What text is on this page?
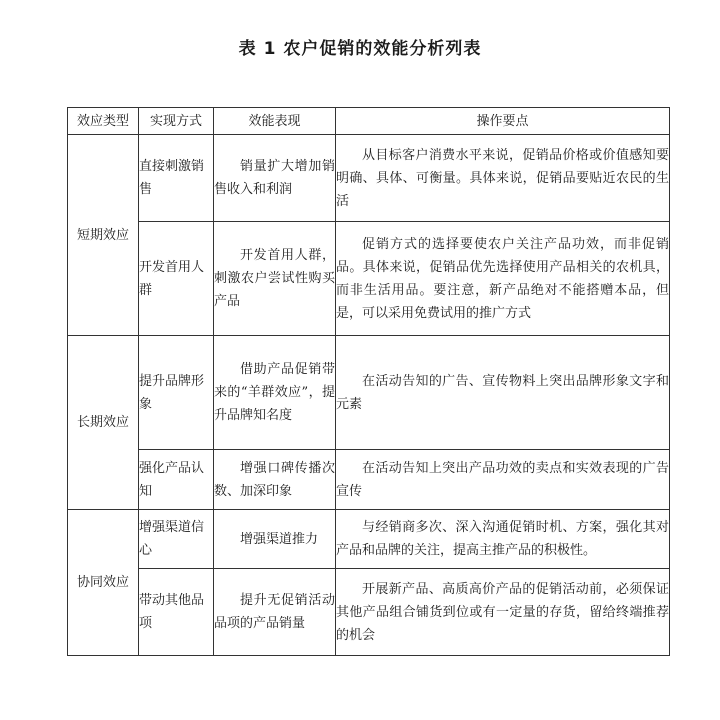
表 1 农户促销的效能分析列表
效应类型	实现方式	效能表现	操作要点
短期效应	直接刺激销售	销量扩大增加销售收入和利润	从目标客户消费水平来说，促销品价格或价值感知要明确、具体、可衡量。具体来说，促销品要贴近农民的生活
	开发首用人群	开发首用人群，刺激农户尝试性购买产品	促销方式的选择要使农户关注产品功效，而非促销品。具体来说，促销品优先选择使用产品相关的农机具，而非生活用品。要注意，新产品绝对不能搭赠本品，但是，可以采用免费试用的推广方式
长期效应	提升品牌形象	借助产品促销带来的“羊群效应”，提升品牌知名度	在活动告知的广告、宣传物料上突出品牌形象文字和元素
	强化产品认知	增强口碑传播次数、加深印象	在活动告知上突出产品功效的卖点和实效表现的广告宣传
协同效应	增强渠道信心	增强渠道推力	与经销商多次、深入沟通促销时机、方案，强化其对产品和品牌的关注，提高主推产品的积极性。
	带动其他品项	提升无促销活动品项的产品销量	开展新产品、高质高价产品的促销活动前，必须保证其他产品组合铺货到位或有一定量的存货，留给终端推荐的机会
